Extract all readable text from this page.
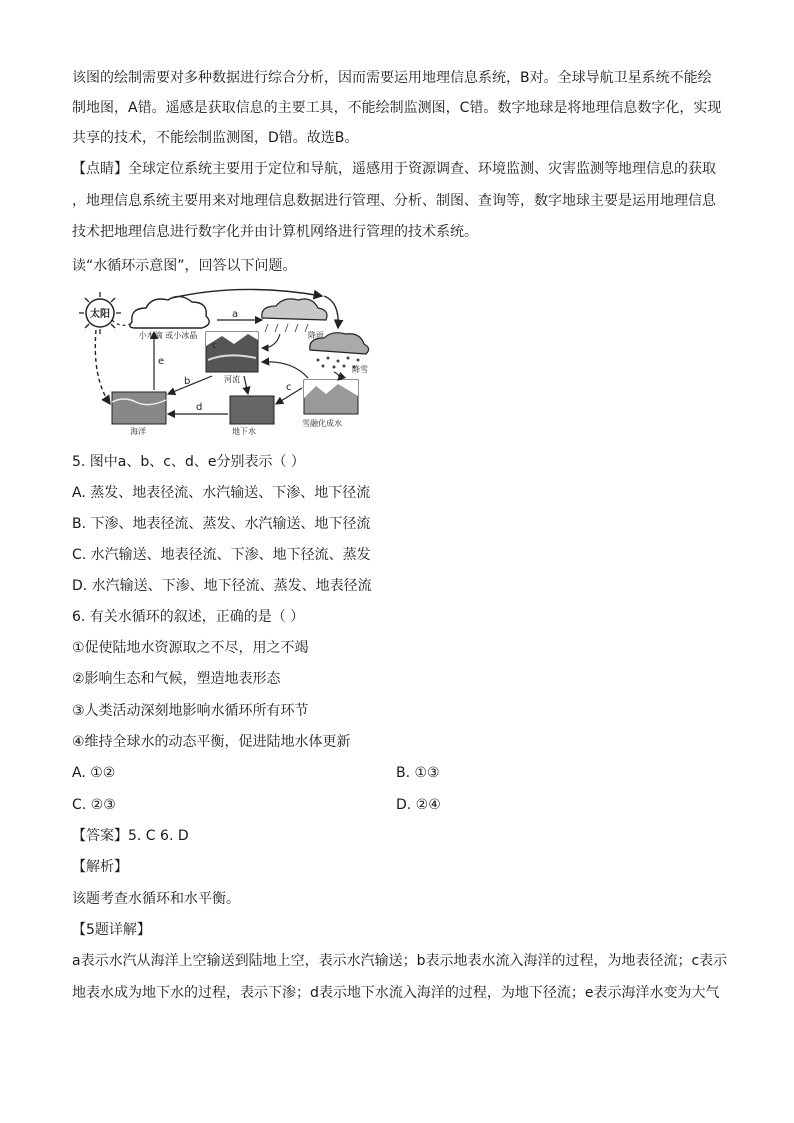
该图的绘制需要对多种数据进行综合分析，因而需要运用地理信息系统，B对。全球导航卫星系统不能绘
制地图，A错。遥感是获取信息的主要工具，不能绘制监测图，C错。数字地球是将地理信息数字化，实现
共享的技术，不能绘制监测图，D错。故选B。
【点睛】全球定位系统主要用于定位和导航，遥感用于资源调查、环境监测、灾害监测等地理信息的获取
，地理信息系统主要用来对地理信息数据进行管理、分析、制图、查询等，数字地球主要是运用地理信息
技术把地理信息进行数字化并由计算机网络进行管理的技术系统。
读“水循环示意图”，回答以下问题。
太阳
小水滴 或小冰晶
a
降雨
降雪
河流
雪融化成水
地下水
海洋
e
b
c
c
d
5. 图中a、b、c、d、e分别表示（ ）
A. 蒸发、地表径流、水汽输送、下渗、地下径流
B. 下渗、地表径流、蒸发、水汽输送、地下径流
C. 水汽输送、地表径流、下渗、地下径流、蒸发
D. 水汽输送、下渗、地下径流、蒸发、地表径流
6. 有关水循环的叙述，正确的是（ ）
①促使陆地水资源取之不尽，用之不竭
②影响生态和气候，塑造地表形态
③人类活动深刻地影响水循环所有环节
④维持全球水的动态平衡，促进陆地水体更新
A. ①②	B. ①③
C. ②③	D. ②④
【答案】5. C 6. D
【解析】
该题考查水循环和水平衡。
【5题详解】
a表示水汽从海洋上空输送到陆地上空，表示水汽输送；b表示地表水流入海洋的过程，为地表径流；c表示
地表水成为地下水的过程，表示下渗；d表示地下水流入海洋的过程，为地下径流；e表示海洋水变为大气
